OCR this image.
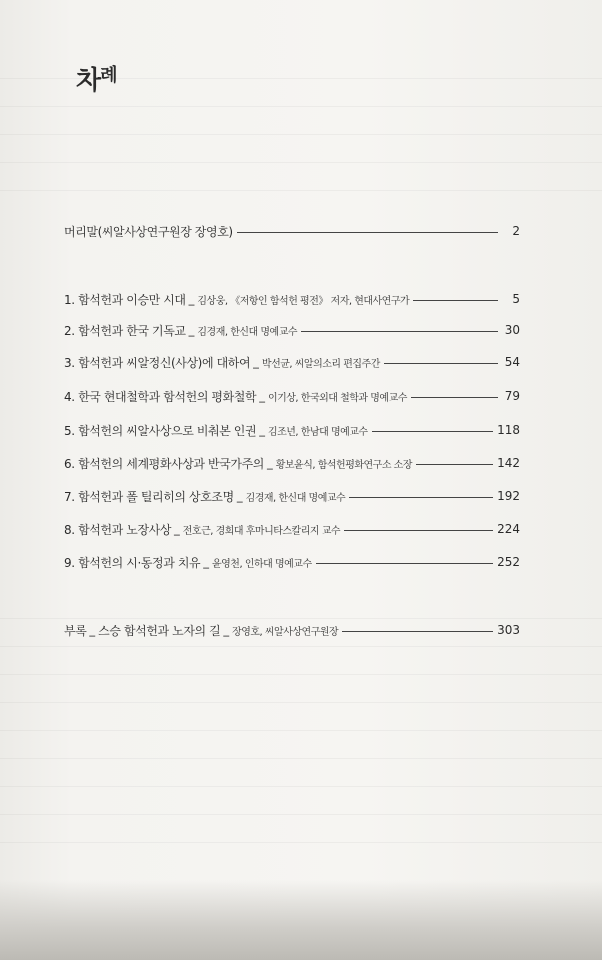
차$^례$
머리말(씨알사상연구원장 장영호)	2
1. 함석헌과 이승만 시대 _ 김상웅, 《저항인 함석헌 평전》 저자, 현대사연구가	5
2. 함석헌과 한국 기독교 _ 김경재, 한신대 명예교수	30
3. 함석헌과 씨알정신(사상)에 대하여 _ 박선균, 씨알의소리 편집주간	54
4. 한국 현대철학과 함석헌의 평화철학 _ 이기상, 한국외대 철학과 명예교수	79
5. 함석헌의 씨알사상으로 비춰본 인권 _ 김조년, 한남대 명예교수	118
6. 함석헌의 세계평화사상과 반국가주의 _ 황보윤식, 함석헌평화연구소 소장	142
7. 함석헌과 폴 틸리히의 상호조명 _ 김경재, 한신대 명예교수	192
8. 함석헌과 노장사상 _ 전호근, 경희대 후마니타스칼리지 교수	224
9. 함석헌의 시·동정과 치유 _ 윤영천, 인하대 명예교수	252
부록 _ 스승 함석헌과 노자의 길 _ 장영호, 씨알사상연구원장	303
